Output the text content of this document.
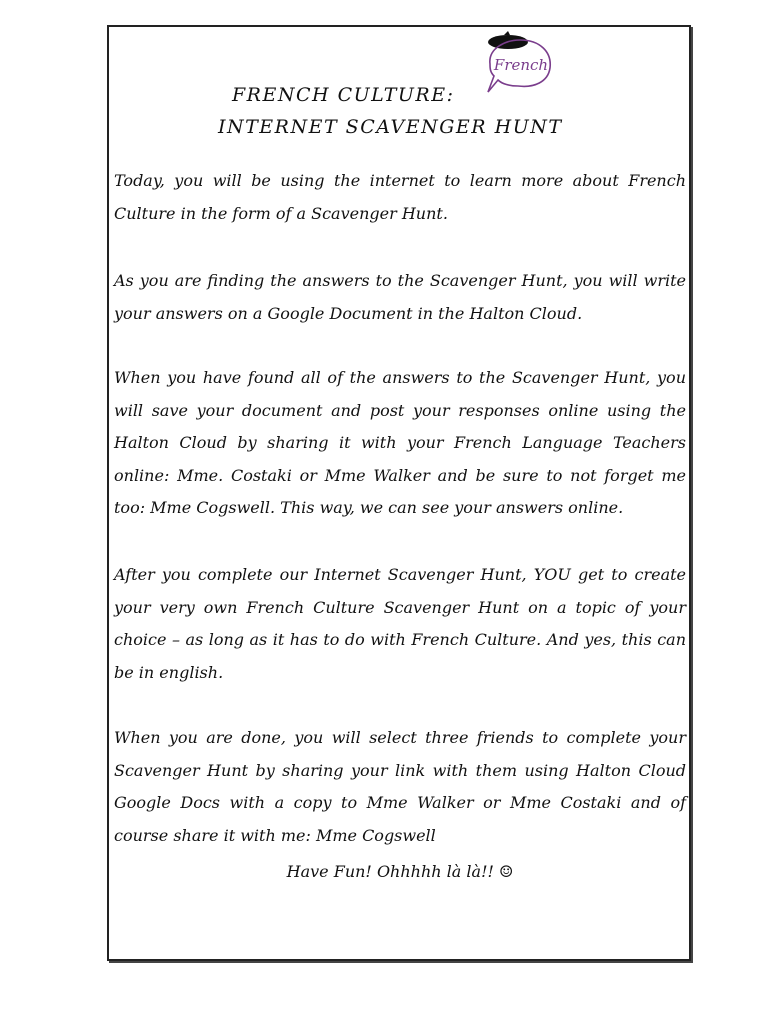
French

FRENCH CULTURE:

INTERNET SCAVENGER HUNT

Today, you will be using the internet to learn more about French Culture in the form of a Scavenger Hunt.

As you are finding the answers to the Scavenger Hunt, you will write your answers on a Google Document in the Halton Cloud.

When you have found all of the answers to the Scavenger Hunt, you will save your document and post your responses online using the Halton Cloud by sharing it with your French Language Teachers online: Mme. Costaki or Mme Walker and be sure to not forget me too: Mme Cogswell. This way, we can see your answers online.

After you complete our Internet Scavenger Hunt, YOU get to create your very own French Culture Scavenger Hunt on a topic of your choice – as long as it has to do with French Culture. And yes, this can be in english.

When you are done, you will select three friends to complete your Scavenger Hunt by sharing your link with them using Halton Cloud Google Docs with a copy to Mme Walker or Mme Costaki and of course share it with me: Mme Cogswell

Have Fun! Ohhhhh là là!! ☺
